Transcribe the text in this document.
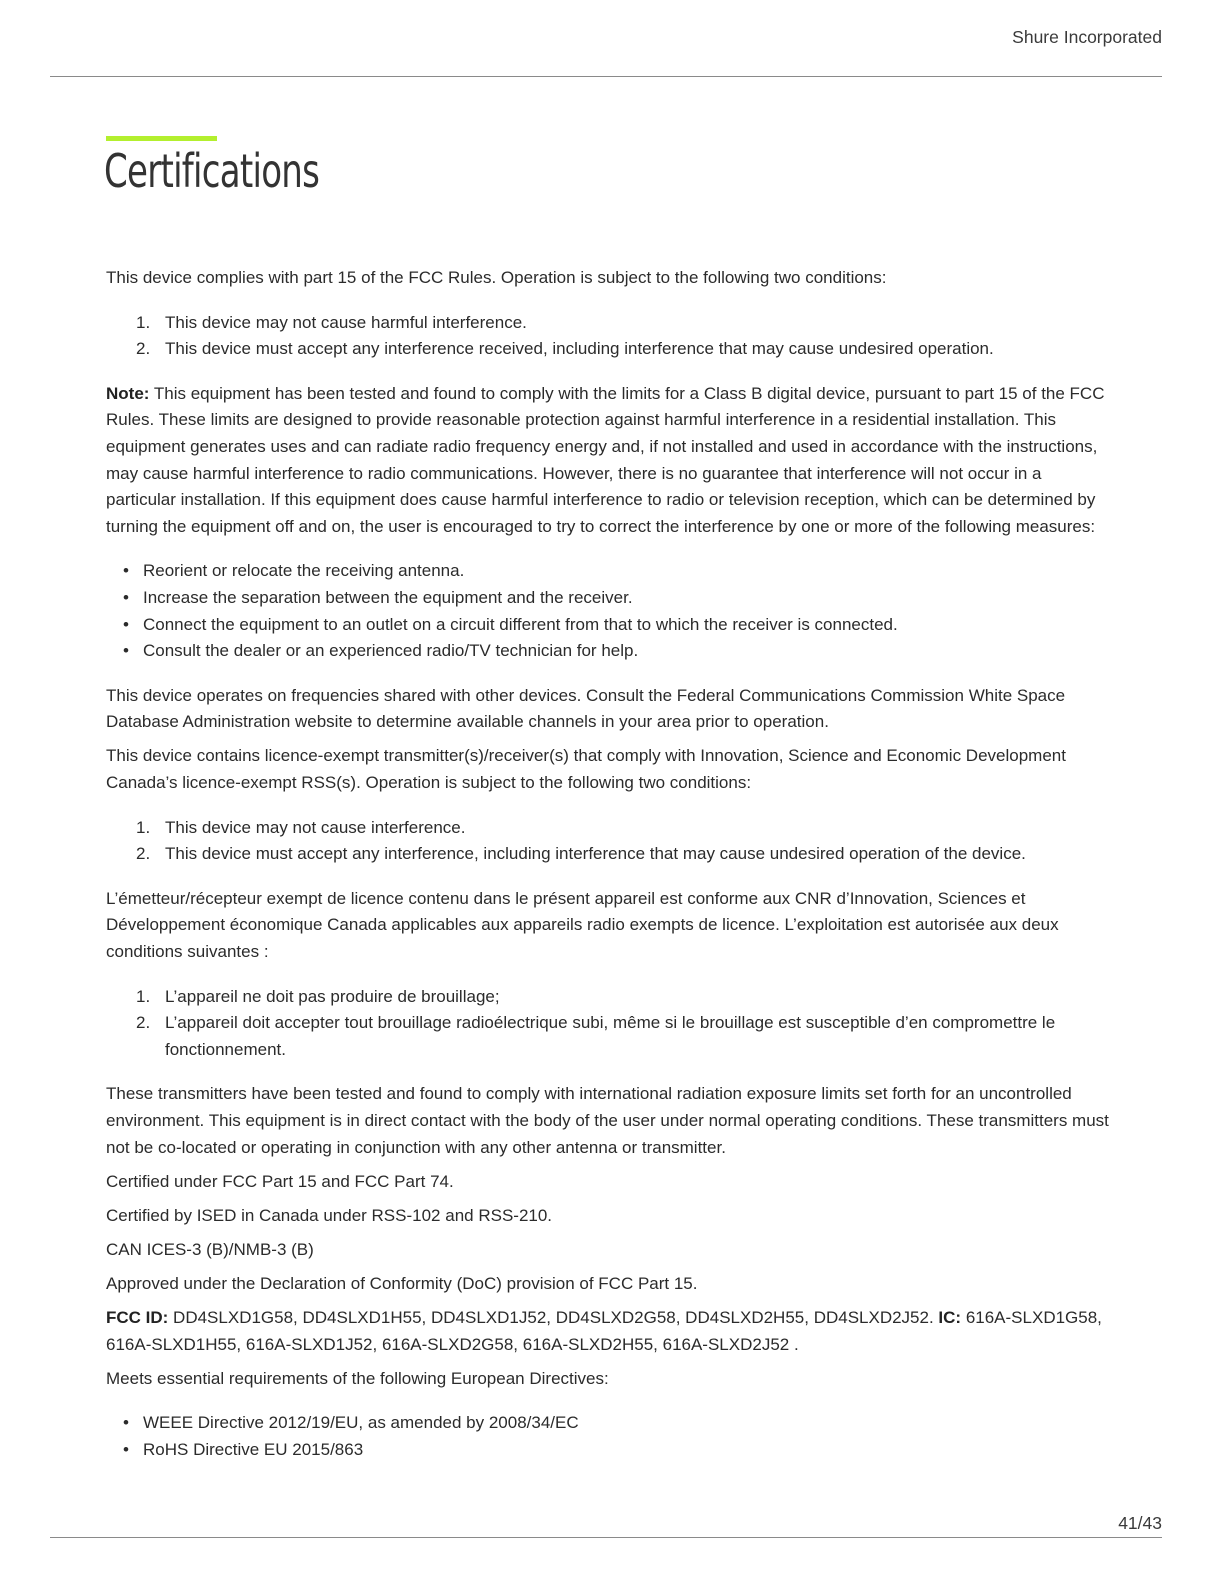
Shure Incorporated
Certifications

This device complies with part 15 of the FCC Rules. Operation is subject to the following two conditions:

1. This device may not cause harmful interference.
2. This device must accept any interference received, including interference that may cause undesired operation.

Note: This equipment has been tested and found to comply with the limits for a Class B digital device, pursuant to part 15 of the FCC Rules. These limits are designed to provide reasonable protection against harmful interference in a residential installation. This equipment generates uses and can radiate radio frequency energy and, if not installed and used in accordance with the instructions, may cause harmful interference to radio communications. However, there is no guarantee that interference will not occur in a particular installation. If this equipment does cause harmful interference to radio or television reception, which can be determined by turning the equipment off and on, the user is encouraged to try to correct the interference by one or more of the following measures:

• Reorient or relocate the receiving antenna.
• Increase the separation between the equipment and the receiver.
• Connect the equipment to an outlet on a circuit different from that to which the receiver is connected.
• Consult the dealer or an experienced radio/TV technician for help.

This device operates on frequencies shared with other devices. Consult the Federal Communications Commission White Space Database Administration website to determine available channels in your area prior to operation.

This device contains licence-exempt transmitter(s)/receiver(s) that comply with Innovation, Science and Economic Development Canada’s licence-exempt RSS(s). Operation is subject to the following two conditions:

1. This device may not cause interference.
2. This device must accept any interference, including interference that may cause undesired operation of the device.

L’émetteur/récepteur exempt de licence contenu dans le présent appareil est conforme aux CNR d’Innovation, Sciences et Développement économique Canada applicables aux appareils radio exempts de licence. L’exploitation est autorisée aux deux conditions suivantes :

1. L’appareil ne doit pas produire de brouillage;
2. L’appareil doit accepter tout brouillage radioélectrique subi, même si le brouillage est susceptible d’en compromettre le fonctionnement.

These transmitters have been tested and found to comply with international radiation exposure limits set forth for an uncontrolled environment. This equipment is in direct contact with the body of the user under normal operating conditions. These transmitters must not be co-located or operating in conjunction with any other antenna or transmitter.

Certified under FCC Part 15 and FCC Part 74.

Certified by ISED in Canada under RSS-102 and RSS-210.

CAN ICES-3 (B)/NMB-3 (B)

Approved under the Declaration of Conformity (DoC) provision of FCC Part 15.

FCC ID: DD4SLXD1G58, DD4SLXD1H55, DD4SLXD1J52, DD4SLXD2G58, DD4SLXD2H55, DD4SLXD2J52. IC: 616A-SLXD1G58, 616A-SLXD1H55, 616A-SLXD1J52, 616A-SLXD2G58, 616A-SLXD2H55, 616A-SLXD2J52 .

Meets essential requirements of the following European Directives:

• WEEE Directive 2012/19/EU, as amended by 2008/34/EC
• RoHS Directive EU 2015/863
41/43
